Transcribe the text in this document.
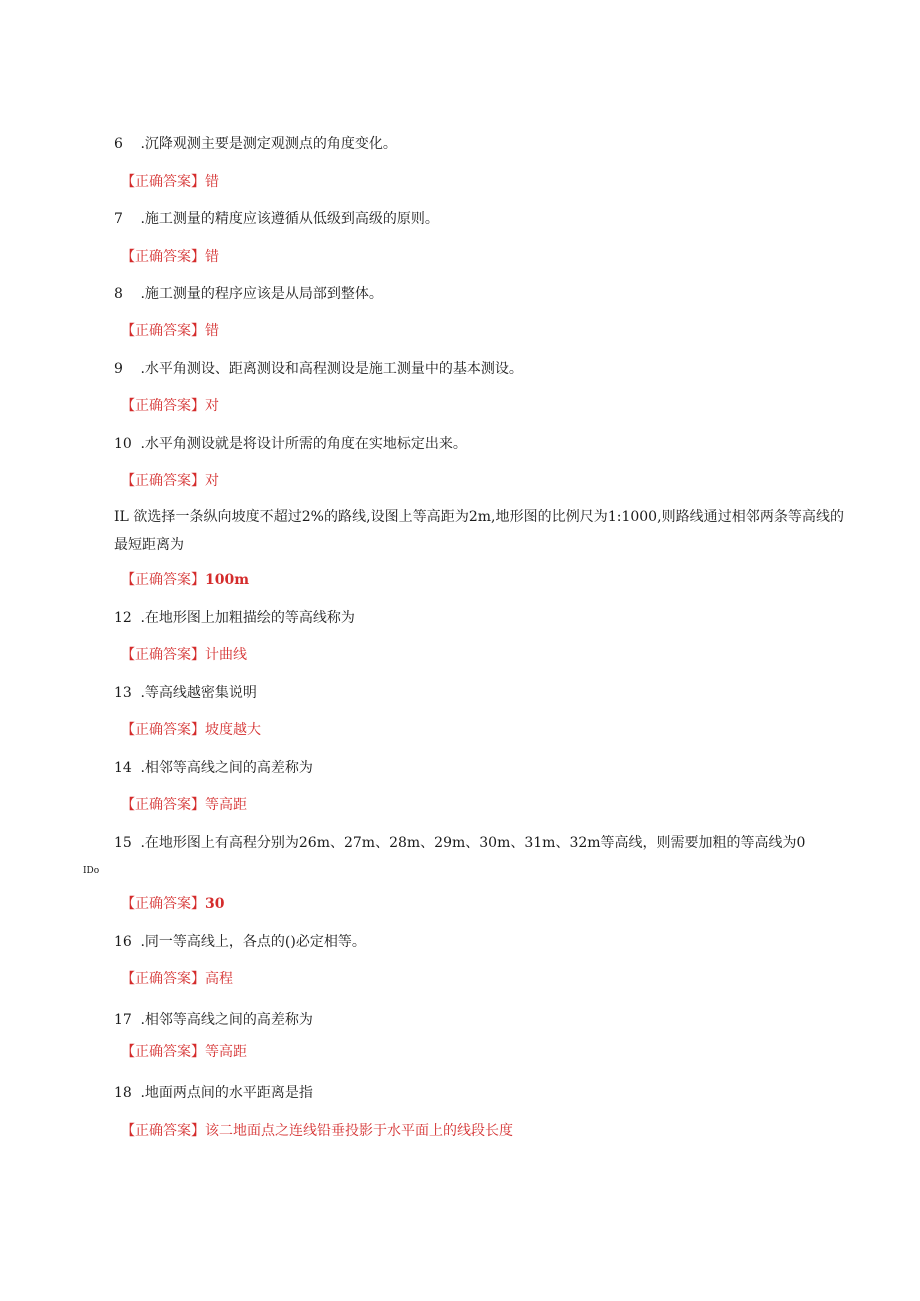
6 .沉降观测主要是测定观测点的角度变化。
【正确答案】错
7 .施工测量的精度应该遵循从低级到高级的原则。
【正确答案】错
8 .施工测量的程序应该是从局部到整体。
【正确答案】错
9 .水平角测设、距离测设和高程测设是施工测量中的基本测设。
【正确答案】对
10 .水平角测设就是将设计所需的角度在实地标定出来。
【正确答案】对
IL 欲选择一条纵向坡度不超过2%的路线,设图上等高距为2m,地形图的比例尺为1:1000,则路线通过相邻两条等高线的最短距离为
【正确答案】100m
12 .在地形图上加粗描绘的等高线称为
【正确答案】计曲线
13 .等高线越密集说明
【正确答案】坡度越大
14 .相邻等高线之间的高差称为
【正确答案】等高距
15 .在地形图上有高程分别为26m、27m、28m、29m、30m、31m、32m等高线，则需要加粗的等高线为0
IDo
【正确答案】30
16 .同一等高线上，各点的()必定相等。
【正确答案】高程
17 .相邻等高线之间的高差称为
【正确答案】等高距
18 .地面两点间的水平距离是指
【正确答案】该二地面点之连线铅垂投影于水平面上的线段长度
